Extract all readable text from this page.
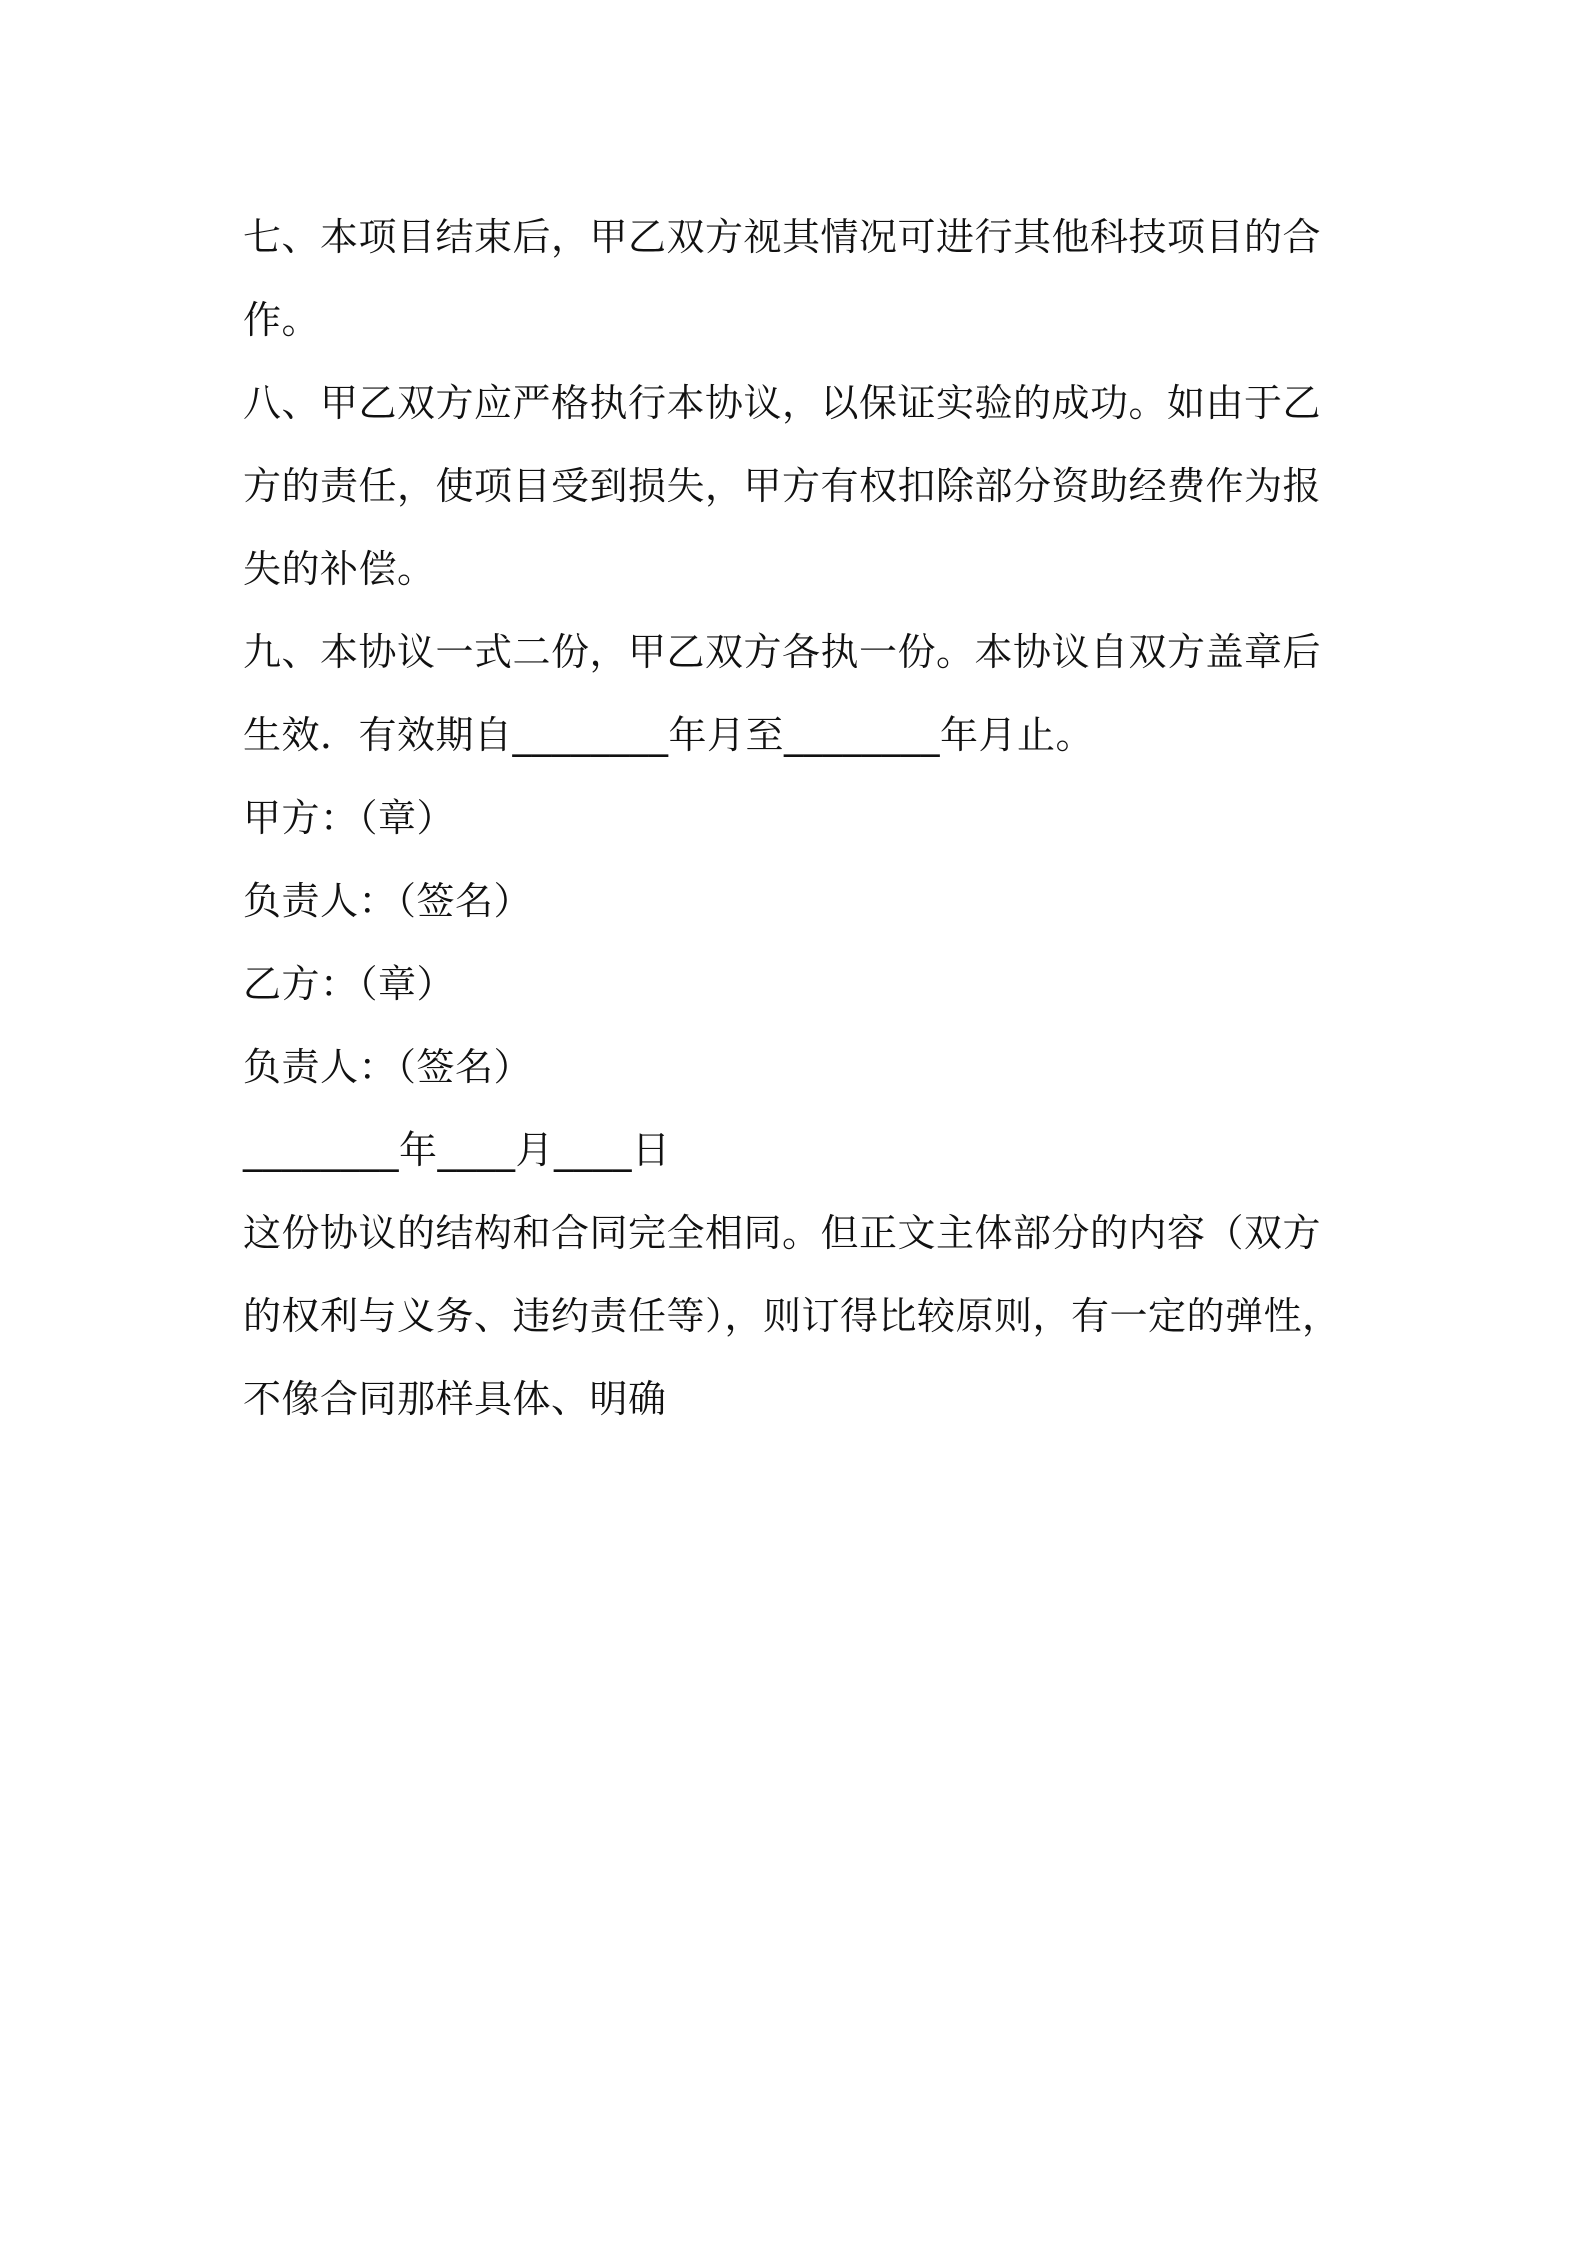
七、本项目结束后，甲乙双方视其情况可进行其他科技项目的合
作。
八、甲乙双方应严格执行本协议，以保证实验的成功。如由于乙
方的责任，使项目受到损失，甲方有权扣除部分资助经费作为报
失的补偿。
九、本协议一式二份，甲乙双方各执一份。本协议自双方盖章后
生效．有效期自________年月至________年月止。
甲方：（章）
负责人：（签名）
乙方：（章）
负责人：（签名）
________年____月____日
这份协议的结构和合同完全相同。但正文主体部分的内容（双方
的权利与义务、违约责任等），则订得比较原则，有一定的弹性，
不像合同那样具体、明确
